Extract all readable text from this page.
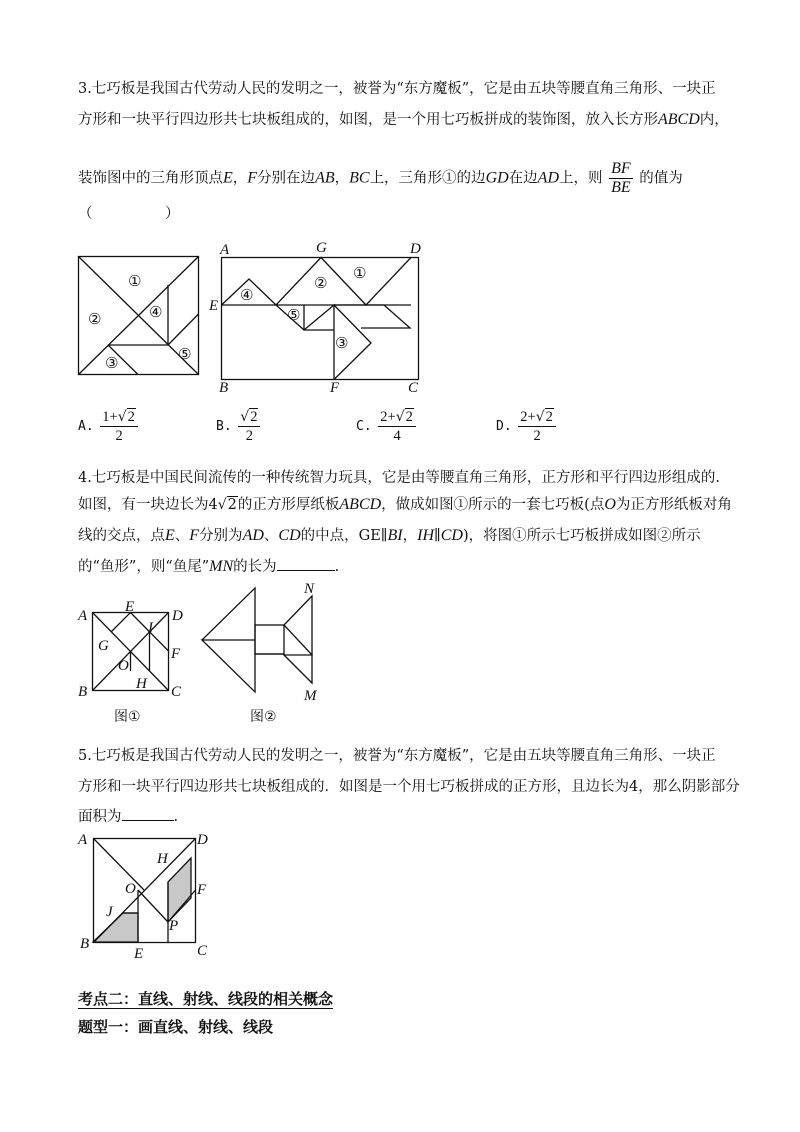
3.七巧板是我国古代劳动人民的发明之一，被誉为“东方魔板”，它是由五块等腰直角三角形、一块正
方形和一块平行四边形共七块板组成的，如图，是一个用七巧板拼成的装饰图，放入长方形ABCD内，
装饰图中的三角形顶点E，F分别在边AB，BC上，三角形①的边GD在边AD上，则 $\frac{BF}{BE}$ 的值为
（　　　　　）
①
②
③
④
⑤
A	G	D
E
B	F	C
①
②
③
④
⑤
A. $\frac{1+√2}{2}$	B. $\frac{√2}{2}$	C. $\frac{2+√2}{4}$	D. $\frac{2+√2}{2}$
4.七巧板是中国民间流传的一种传统智力玩具，它是由等腰直角三角形，正方形和平行四边形组成的.
如图，有一块边长为4√2的正方形厚纸板ABCD，做成如图①所示的一套七巧板(点O为正方形纸板对角
线的交点，点E、F分别为AD、CD的中点，GE∥BI，IH∥CD)，将图①所示七巧板拼成如图②所示
的“鱼形”，则“鱼尾”MN的长为	.
A
E
D
G
I
F
O
H
B	C
图①
N
M
图②
5.七巧板是我国古代劳动人民的发明之一，被誉为“东方魔板”，它是由五块等腰直角三角形、一块正
方形和一块平行四边形共七块板组成的．如图是一个用七巧板拼成的正方形，且边长为4，那么阴影部分
面积为	.
A	D
H
F
O
J
P
B
E	C
考点二：直线、射线、线段的相关概念
题型一：画直线、射线、线段
